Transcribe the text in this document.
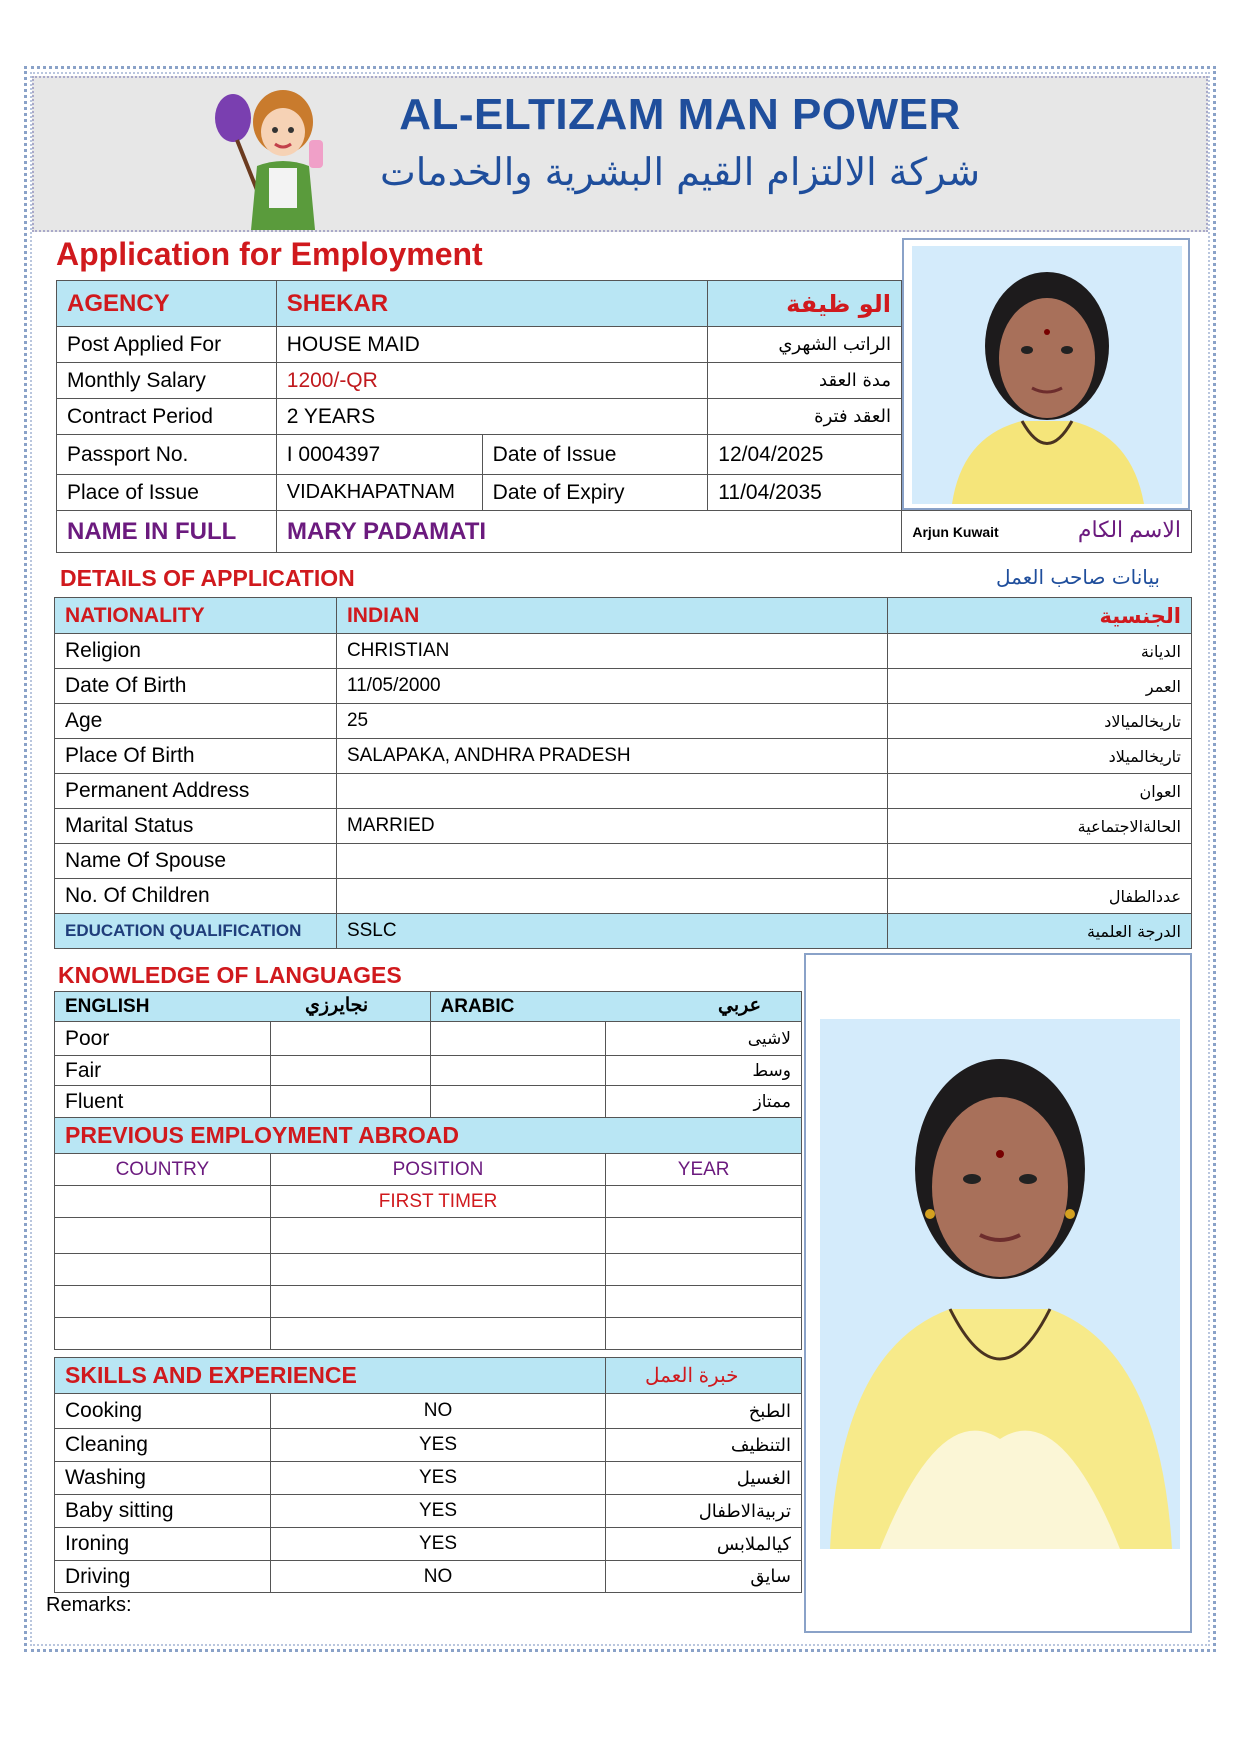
AL-ELTIZAM MAN POWER
شركة الالتزام القيم البشرية والخدمات
Application for Employment
AGENCY	SHEKAR		الو ظيفة
Post Applied For	HOUSE MAID		الراتب الشهري
Monthly Salary	1200/-QR		مدة العقد
Contract Period	2 YEARS		العقد فترة
Passport No.	I 0004397	Date of Issue	12/04/2025
Place of Issue	VIDAKHAPATNAM	Date of Expiry	11/04/2035
NAME IN FULL	MARY PADAMATI	Arjun Kuwait	الاسم الكام
DETAILS OF APPLICATION	بيانات صاحب العمل
NATIONALITY	INDIAN	الجنسية
Religion	CHRISTIAN	الديانة
Date Of Birth	11/05/2000	العمر
Age	25	تاريخالميالاد
Place Of Birth	SALAPAKA, ANDHRA PRADESH	تاريخالميلاد
Permanent Address		العوان
Marital Status	MARRIED	الحالةالاجتماعية
Name Of Spouse		
No. Of Children		عددالطفال
EDUCATION QUALIFICATION	SSLC	الدرجة العلمية
KNOWLEDGE OF LANGUAGES
ENGLISH نجايرزي		ARABIC عربي	

Poor			لاشيى
Fair			وسط
Fluent			ممتاز
PREVIOUS EMPLOYMENT ABROAD		
COUNTRY	POSITION	YEAR
	FIRST TIMER	

SKILLS AND EXPERIENCE خبرة العمل		

Cooking	NO	الطبخ
Cleaning	YES	التنظيف
Washing	YES	الغسيل
Baby sitting	YES	تربيةالاطفال
Ironing	YES	كيالملابس
Driving	NO	سايق
Remarks:
